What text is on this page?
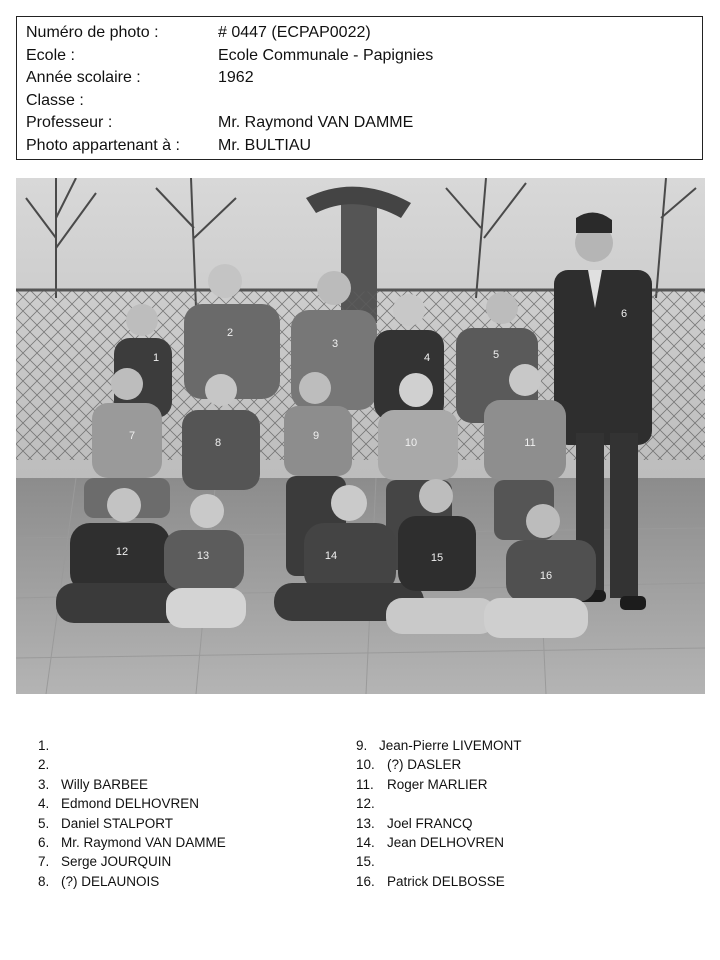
Numéro de photo :	# 0447 (ECPAP0022)
Ecole :	Ecole Communale - Papignies
Année scolaire :	1962
Classe :
Professeur :	Mr. Raymond VAN DAMME
Photo appartenant à : Mr. BULTIAU
1
2
3
4	5
6
7
8
9
10	11
12	13	14	15
16
1.
2.
3. Willy BARBEE
4. Edmond DELHOVREN
5. Daniel STALPORT
6. Mr. Raymond VAN DAMME
7. Serge JOURQUIN
8. (?) DELAUNOIS
9. Jean-Pierre LIVEMONT
10. (?) DASLER
11. Roger MARLIER
12.
13. Joel FRANCQ
14. Jean DELHOVREN
15.
16. Patrick DELBOSSE
